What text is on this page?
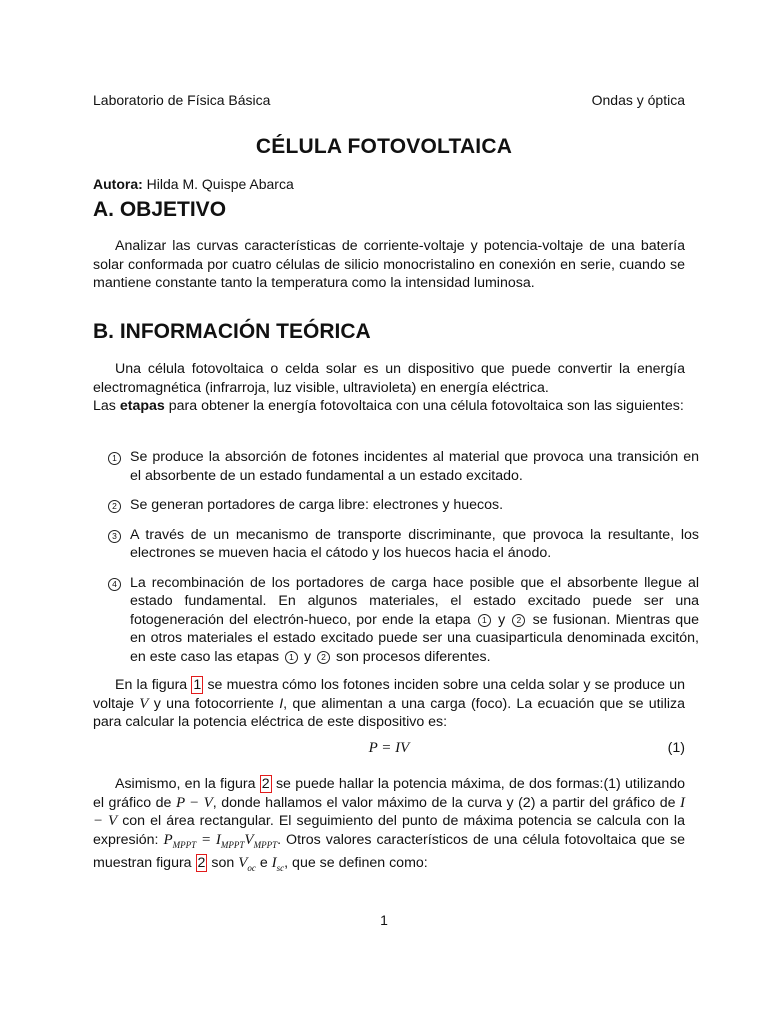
Laboratorio de Física Básica	Ondas y óptica
CÉLULA FOTOVOLTAICA
Autora: Hilda M. Quispe Abarca
A. OBJETIVO
Analizar las curvas características de corriente-voltaje y potencia-voltaje de una batería solar conformada por cuatro células de silicio monocristalino en conexión en serie, cuando se mantiene constante tanto la temperatura como la intensidad luminosa.
B. INFORMACIÓN TEÓRICA
Una célula fotovoltaica o celda solar es un dispositivo que puede convertir la energía electromagnética (infrarroja, luz visible, ultravioleta) en energía eléctrica.
Las etapas para obtener la energía fotovoltaica con una célula fotovoltaica son las siguientes:
1 Se produce la absorción de fotones incidentes al material que provoca una transición en el absorbente de un estado fundamental a un estado excitado.
2 Se generan portadores de carga libre: electrones y huecos.
3 A través de un mecanismo de transporte discriminante, que provoca la resultante, los electrones se mueven hacia el cátodo y los huecos hacia el ánodo.
4 La recombinación de los portadores de carga hace posible que el absorbente llegue al estado fundamental. En algunos materiales, el estado excitado puede ser una fotogeneración del electrón-hueco, por ende la etapa 1 y 2 se fusionan. Mientras que en otros materiales el estado excitado puede ser una cuasiparticula denominada excitón, en este caso las etapas 1 y 2 son procesos diferentes.
En la figura 1 se muestra cómo los fotones inciden sobre una celda solar y se produce un voltaje V y una fotocorriente I, que alimentan a una carga (foco). La ecuación que se utiliza para calcular la potencia eléctrica de este dispositivo es:
P = IV	(1)
Asimismo, en la figura 2 se puede hallar la potencia máxima, de dos formas:(1) utilizando el gráfico de P − V, donde hallamos el valor máximo de la curva y (2) a partir del gráfico de I − V con el área rectangular. El seguimiento del punto de máxima potencia se calcula con la expresión: $P_{MPPT} = I_{MPPT}V_{MPPT}$. Otros valores característicos de una célula fotovoltaica que se muestran figura 2 son $V_{oc}$ e $I_{sc}$, que se definen como:
1
